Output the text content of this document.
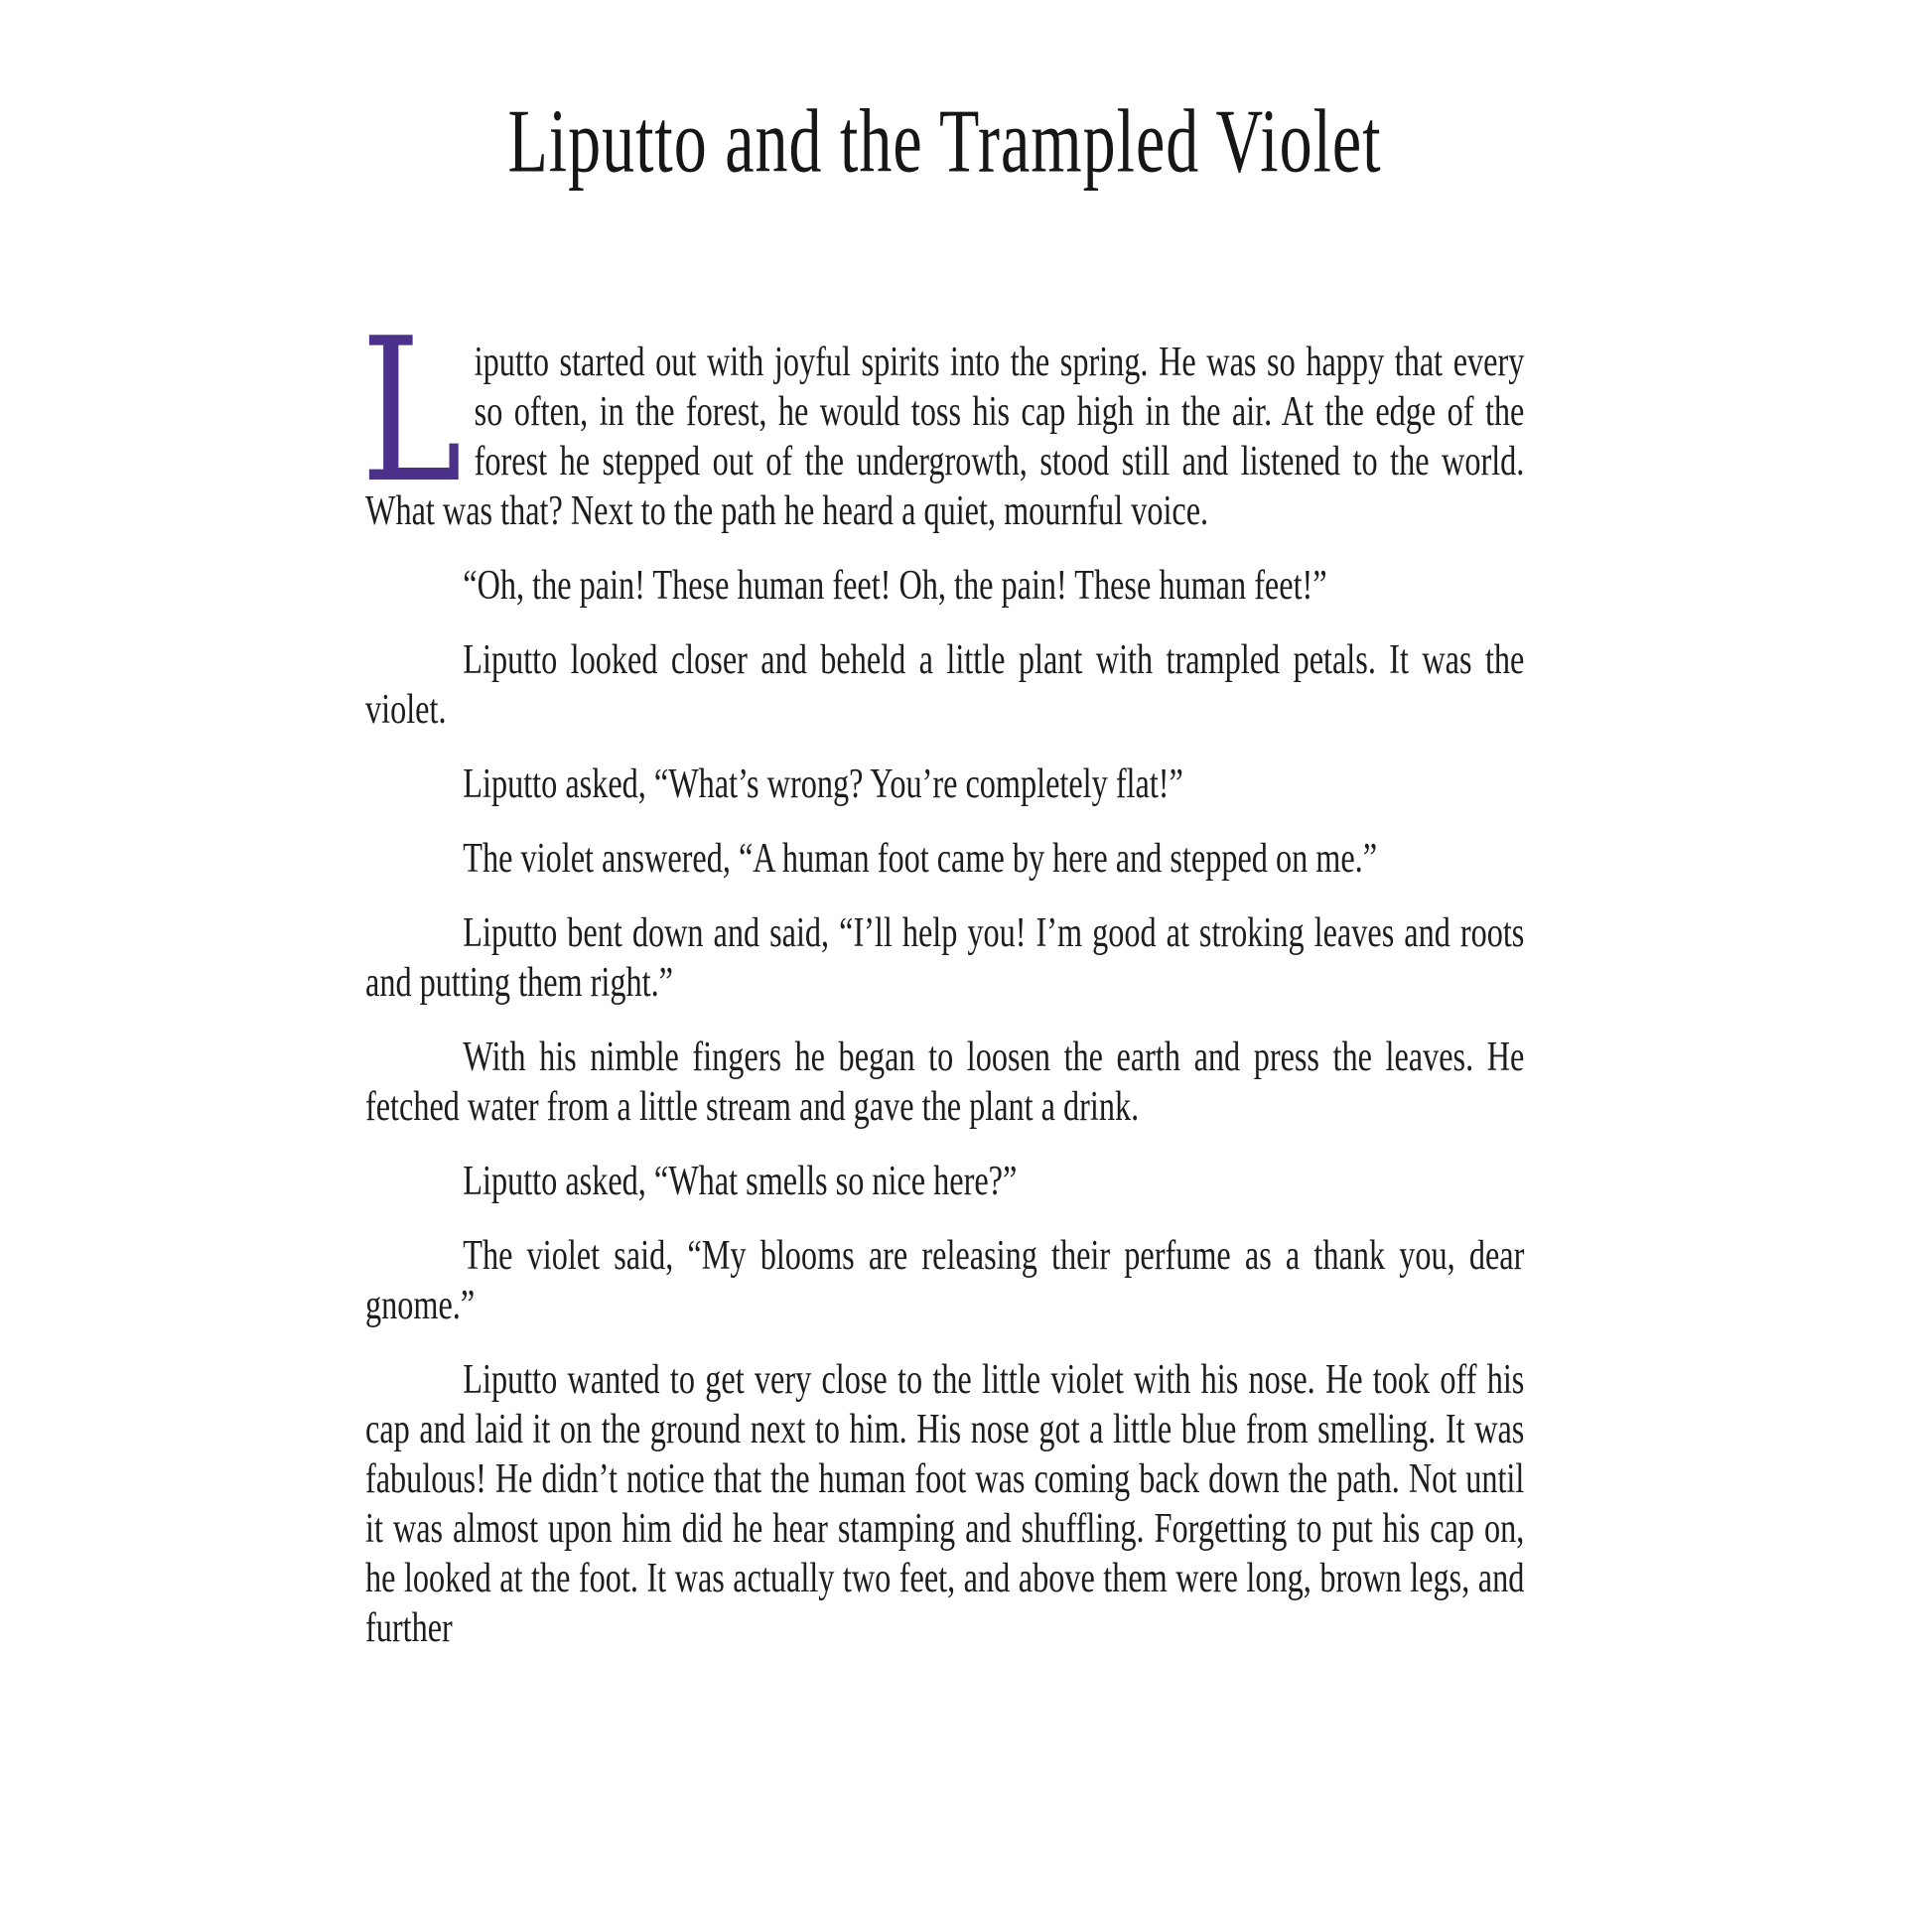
Liputto and the Trampled Violet

Liputto started out with joyful spirits into the spring. He was so happy that every so often, in the forest, he would toss his cap high in the air. At the edge of the forest he stepped out of the undergrowth, stood still and listened to the world. What was that? Next to the path he heard a quiet, mournful voice.

“Oh, the pain! These human feet! Oh, the pain! These human feet!”

Liputto looked closer and beheld a little plant with trampled petals. It was the violet.

Liputto asked, “What’s wrong? You’re completely flat!”

The violet answered, “A human foot came by here and stepped on me.”

Liputto bent down and said, “I’ll help you! I’m good at stroking leaves and roots and putting them right.”

With his nimble fingers he began to loosen the earth and press the leaves. He fetched water from a little stream and gave the plant a drink.

Liputto asked, “What smells so nice here?”

The violet said, “My blooms are releasing their perfume as a thank you, dear gnome.”

Liputto wanted to get very close to the little violet with his nose. He took off his cap and laid it on the ground next to him. His nose got a little blue from smelling. It was fabulous! He didn’t notice that the human foot was coming back down the path. Not until it was almost upon him did he hear stamping and shuffling. Forgetting to put his cap on, he looked at the foot. It was actually two feet, and above them were long, brown legs, and further
